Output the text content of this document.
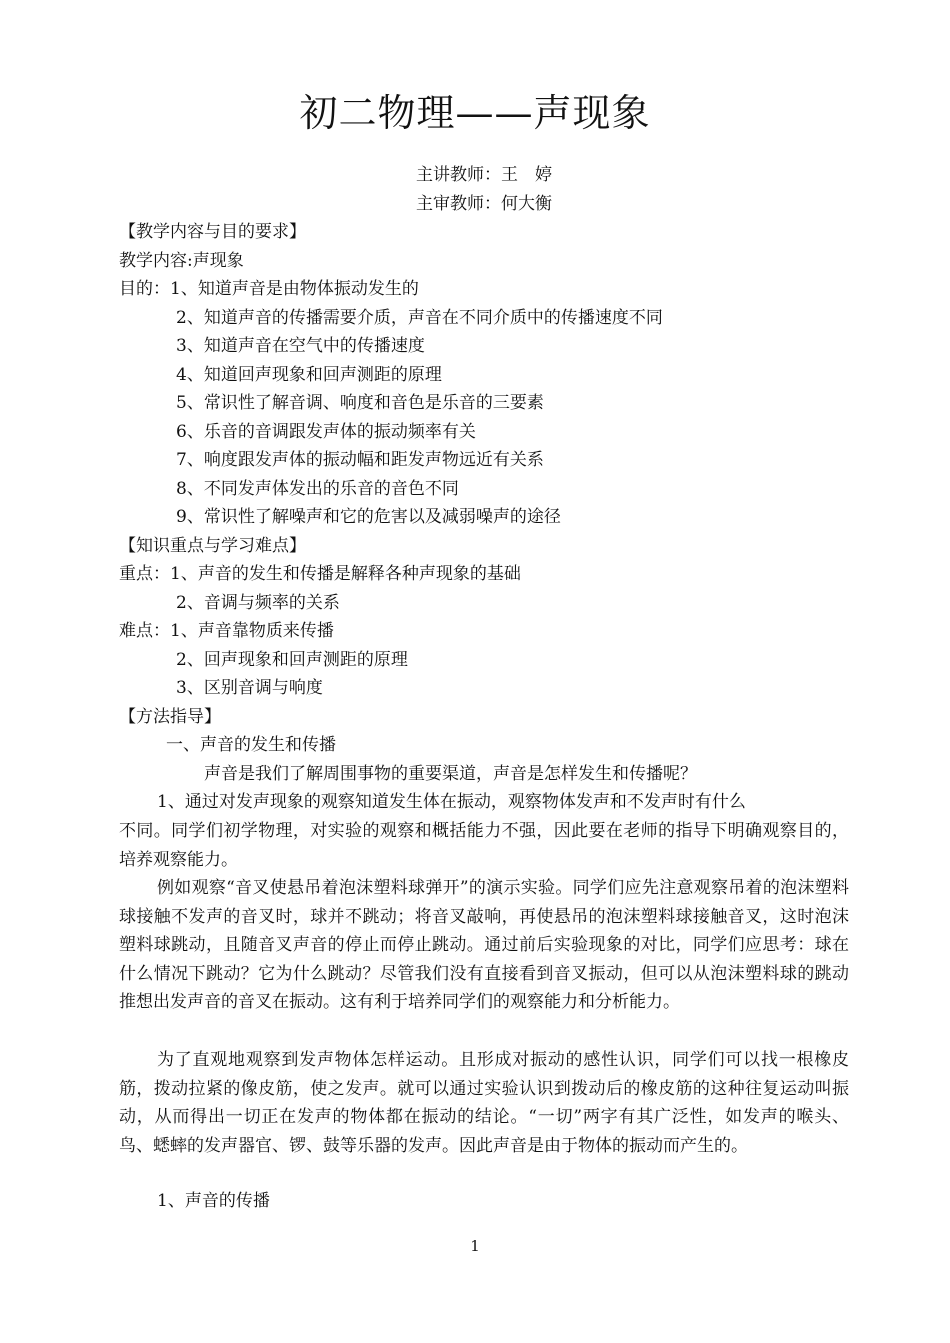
初二物理——声现象
主讲教师：王　婷
主审教师：何大衡
【教学内容与目的要求】
教学内容:声现象
目的：1、知道声音是由物体振动发生的
2、知道声音的传播需要介质，声音在不同介质中的传播速度不同
3、知道声音在空气中的传播速度
4、知道回声现象和回声测距的原理
5、常识性了解音调、响度和音色是乐音的三要素
6、乐音的音调跟发声体的振动频率有关
7、响度跟发声体的振动幅和距发声物远近有关系
8、不同发声体发出的乐音的音色不同
9、常识性了解噪声和它的危害以及减弱噪声的途径
【知识重点与学习难点】
重点：1、声音的发生和传播是解释各种声现象的基础
2、音调与频率的关系
难点：1、声音靠物质来传播
2、回声现象和回声测距的原理
3、区别音调与响度
【方法指导】
一、声音的发生和传播
声音是我们了解周围事物的重要渠道，声音是怎样发生和传播呢？
1、通过对发声现象的观察知道发生体在振动，观察物体发声和不发声时有什么
不同。同学们初学物理，对实验的观察和概括能力不强，因此要在老师的指导下明确观察目的，培养观察能力。
例如观察“音叉使悬吊着泡沫塑料球弹开”的演示实验。同学们应先注意观察吊着的泡沫塑料球接触不发声的音叉时，球并不跳动；将音叉敲响，再使悬吊的泡沫塑料球接触音叉，这时泡沫塑料球跳动，且随音叉声音的停止而停止跳动。通过前后实验现象的对比，同学们应思考：球在什么情况下跳动？它为什么跳动？尽管我们没有直接看到音叉振动，但可以从泡沫塑料球的跳动推想出发声音的音叉在振动。这有利于培养同学们的观察能力和分析能力。
为了直观地观察到发声物体怎样运动。且形成对振动的感性认识，同学们可以找一根橡皮筋，拨动拉紧的像皮筋，使之发声。就可以通过实验认识到拨动后的橡皮筋的这种往复运动叫振动，从而得出一切正在发声的物体都在振动的结论。“一切”两字有其广泛性，如发声的喉头、鸟、蟋蟀的发声器官、锣、鼓等乐器的发声。因此声音是由于物体的振动而产生的。
1、声音的传播
1
